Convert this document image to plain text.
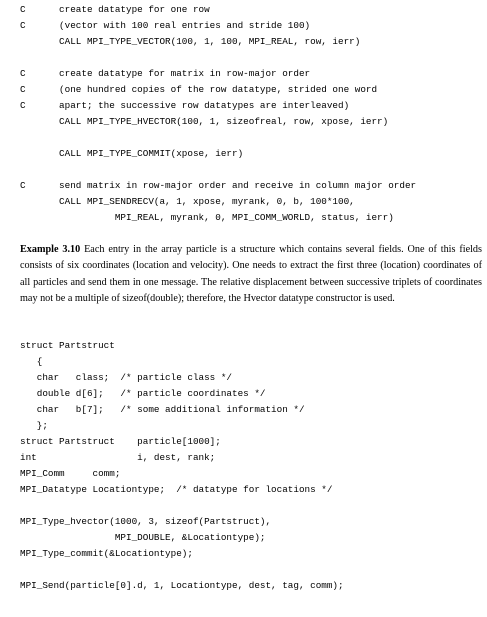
C      create datatype for one row
C      (vector with 100 real entries and stride 100)
CALL MPI_TYPE_VECTOR(100, 1, 100, MPI_REAL, row, ierr)

C      create datatype for matrix in row-major order
C      (one hundred copies of the row datatype, strided one word
C      apart; the successive row datatypes are interleaved)
CALL MPI_TYPE_HVECTOR(100, 1, sizeofreal, row, xpose, ierr)

CALL MPI_TYPE_COMMIT(xpose, ierr)

C      send matrix in row-major order and receive in column major order
CALL MPI_SENDRECV(a, 1, xpose, myrank, 0, b, 100*100,
MPI_REAL, myrank, 0, MPI_COMM_WORLD, status, ierr)

Example 3.10 Each entry in the array particle is a structure which contains several fields. One of this fields consists of six coordinates (location and velocity). One needs to extract the first three (location) coordinates of all particles and send them in one message. The relative displacement between successive triplets of coordinates may not be a multiple of sizeof(double); therefore, the Hvector datatype constructor is used.

struct Partstruct
{
char   class;  /* particle class */
double d[6];   /* particle coordinates */
char   b[7];   /* some additional information */
};
struct Partstruct    particle[1000];
int                  i, dest, rank;
MPI_Comm     comm;
MPI_Datatype Locationtype;  /* datatype for locations */

MPI_Type_hvector(1000, 3, sizeof(Partstruct),
MPI_DOUBLE, &Locationtype);
MPI_Type_commit(&Locationtype);

MPI_Send(particle[0].d, 1, Locationtype, dest, tag, comm);
